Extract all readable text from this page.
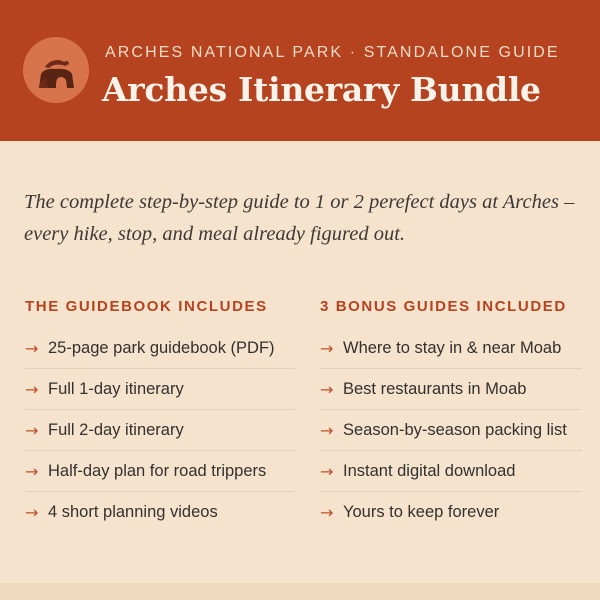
ARCHES NATIONAL PARK · STANDALONE GUIDE
Arches Itinerary Bundle
The complete step-by-step guide to 1 or 2 perefect days at Arches – every hike, stop, and meal already figured out.
THE GUIDEBOOK INCLUDES
→ 25-page park guidebook (PDF)
→ Full 1-day itinerary
→ Full 2-day itinerary
→ Half-day plan for road trippers
→ 4 short planning videos
3 BONUS GUIDES INCLUDED
→ Where to stay in & near Moab
→ Best restaurants in Moab
→ Season-by-season packing list
→ Instant digital download
→ Yours to keep forever
